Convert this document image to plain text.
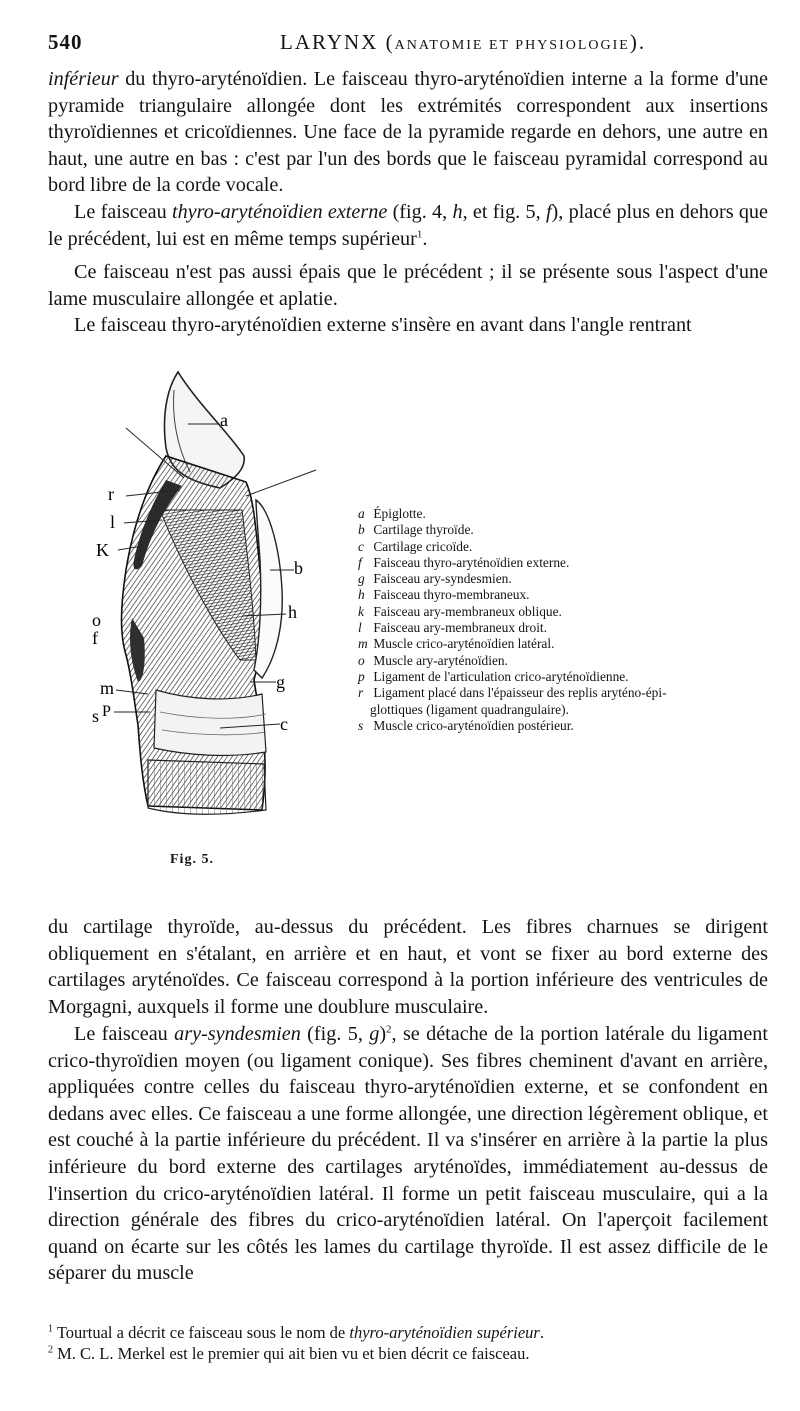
540	LARYNX (ANATOMIE ET PHYSIOLOGIE).

inférieur du thyro-aryténoïdien. Le faisceau thyro-aryténoïdien interne a la forme d'une pyramide triangulaire allongée dont les extrémités correspondent aux insertions thyroïdiennes et cricoïdiennes. Une face de la pyramide regarde en dehors, une autre en haut, une autre en bas : c'est par l'un des bords que le faisceau pyramidal correspond au bord libre de la corde vocale.

Le faisceau thyro-aryténoïdien externe (fig. 4, h, et fig. 5, f), placé plus en dehors que le précédent, lui est en même temps supérieur$^1$.

Ce faisceau n'est pas aussi épais que le précédent ; il se présente sous l'aspect d'une lame musculaire allongée et aplatie.

Le faisceau thyro-aryténoïdien externe s'insère en avant dans l'angle rentrant

a
r
l
K
b
h
o
f
m	g
s P
c
Fig. 5.
a Épiglotte.
b Cartilage thyroïde.
c Cartilage cricoïde.
f Faisceau thyro-aryténoïdien externe.
g Faisceau ary-syndesmien.
h Faisceau thyro-membraneux.
k Faisceau ary-membraneux oblique.
l Faisceau ary-membraneux droit.
m Muscle crico-aryténoïdien latéral.
o Muscle ary-aryténoïdien.
p Ligament de l'articulation crico-aryténoïdienne.
r Ligament placé dans l'épaisseur des replis aryténo-épi-
glottiques (ligament quadrangulaire).
s Muscle crico-aryténoïdien postérieur.

du cartilage thyroïde, au-dessus du précédent. Les fibres charnues se dirigent obliquement en s'étalant, en arrière et en haut, et vont se fixer au bord externe des cartilages aryténoïdes. Ce faisceau correspond à la portion inférieure des ventricules de Morgagni, auxquels il forme une doublure musculaire.

Le faisceau ary-syndesmien (fig. 5, g)$^2$, se détache de la portion latérale du ligament crico-thyroïdien moyen (ou ligament conique). Ses fibres cheminent d'avant en arrière, appliquées contre celles du faisceau thyro-aryténoïdien externe, et se confondent en dedans avec elles. Ce faisceau a une forme allongée, une direction légèrement oblique, et est couché à la partie inférieure du précédent. Il va s'insérer en arrière à la partie la plus inférieure du bord externe des cartilages aryténoïdes, immédiatement au-dessus de l'insertion du crico-aryténoïdien latéral. Il forme un petit faisceau musculaire, qui a la direction générale des fibres du crico-aryténoïdien latéral. On l'aperçoit facilement quand on écarte sur les côtés les lames du cartilage thyroïde. Il est assez difficile de le séparer du muscle

$^1$ Tourtual a décrit ce faisceau sous le nom de thyro-aryténoïdien supérieur.
$^2$ M. C. L. Merkel est le premier qui ait bien vu et bien décrit ce faisceau.
